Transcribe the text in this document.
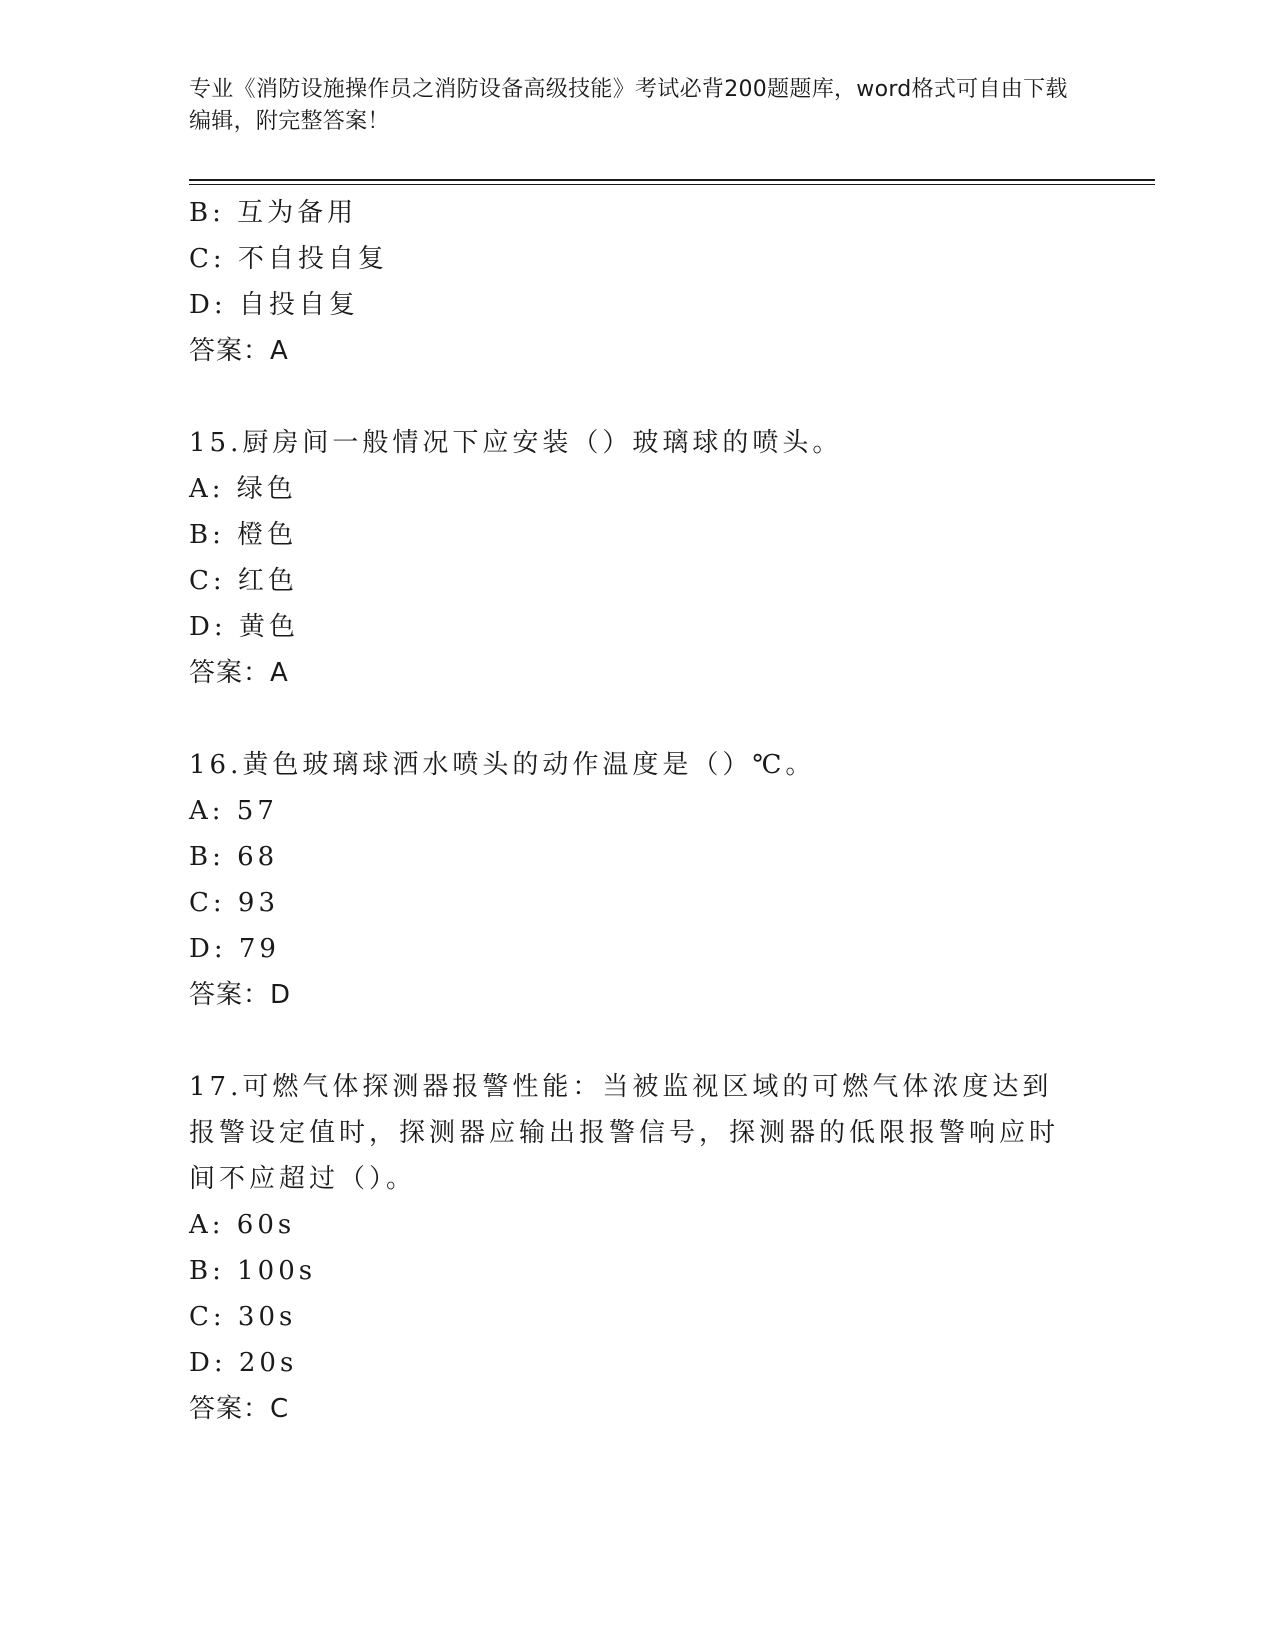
专业《消防设施操作员之消防设备高级技能》考试必背200题题库，word格式可自由下载编辑，附完整答案！
B: 互为备用
C: 不自投自复
D: 自投自复
答案：A
15.厨房间一般情况下应安装（）玻璃球的喷头。
A: 绿色
B: 橙色
C: 红色
D: 黄色
答案：A
16.黄色玻璃球洒水喷头的动作温度是（）℃。
A: 57
B: 68
C: 93
D: 79
答案：D
17.可燃气体探测器报警性能：当被监视区域的可燃气体浓度达到报警设定值时，探测器应输出报警信号，探测器的低限报警响应时间不应超过（）。
A: 60s
B: 100s
C: 30s
D: 20s
答案：C
